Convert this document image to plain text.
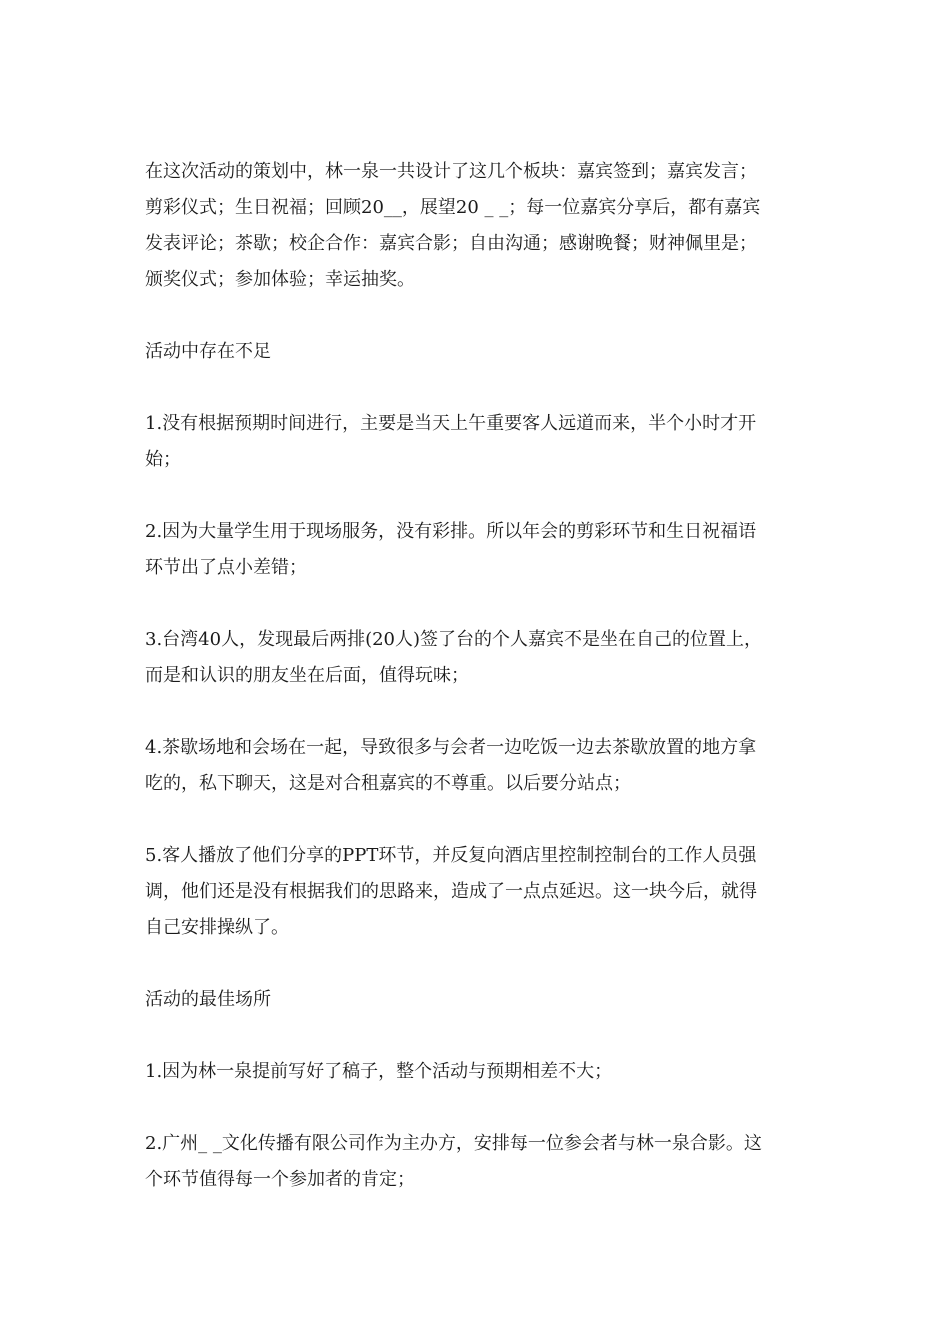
在这次活动的策划中，林一泉一共设计了这几个板块：嘉宾签到；嘉宾发言；
剪彩仪式；生日祝福；回顾20__，展望20 _ _；每一位嘉宾分享后，都有嘉宾
发表评论；茶歇；校企合作：嘉宾合影；自由沟通；感谢晚餐；财神佩里是；
颁奖仪式；参加体验；幸运抽奖。
活动中存在不足
1.没有根据预期时间进行，主要是当天上午重要客人远道而来，半个小时才开
始；
2.因为大量学生用于现场服务，没有彩排。所以年会的剪彩环节和生日祝福语
环节出了点小差错；
3.台湾40人，发现最后两排(20人)签了台的个人嘉宾不是坐在自己的位置上，
而是和认识的朋友坐在后面，值得玩味；
4.茶歇场地和会场在一起，导致很多与会者一边吃饭一边去茶歇放置的地方拿
吃的，私下聊天，这是对合租嘉宾的不尊重。以后要分站点；
5.客人播放了他们分享的PPT环节，并反复向酒店里控制控制台的工作人员强
调，他们还是没有根据我们的思路来，造成了一点点延迟。这一块今后，就得
自己安排操纵了。
活动的最佳场所
1.因为林一泉提前写好了稿子，整个活动与预期相差不大；
2.广州_ _文化传播有限公司作为主办方，安排每一位参会者与林一泉合影。这
个环节值得每一个参加者的肯定；
